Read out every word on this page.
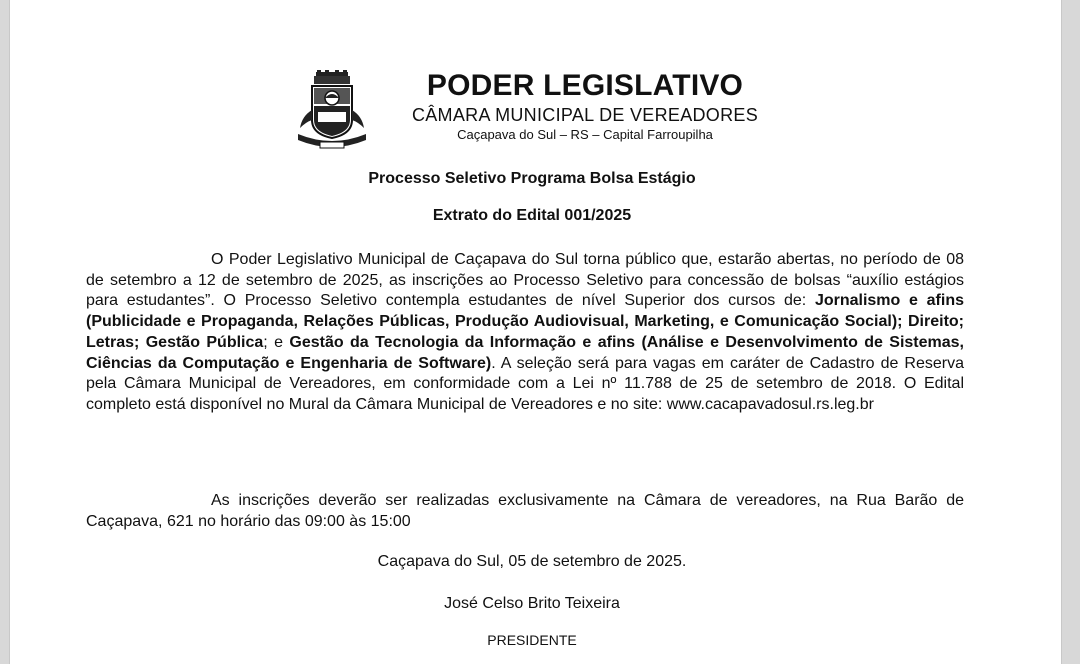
PODER LEGISLATIVO
CÂMARA MUNICIPAL DE VEREADORES
Caçapava do Sul – RS – Capital Farroupilha
Processo Seletivo Programa Bolsa Estágio
Extrato do Edital 001/2025

O Poder Legislativo Municipal de Caçapava do Sul torna público que, estarão abertas, no período de 08 de setembro a 12 de setembro de 2025, as inscrições ao Processo Seletivo para concessão de bolsas “auxílio estágios para estudantes”. O Processo Seletivo contempla estudantes de nível Superior dos cursos de: Jornalismo e afins (Publicidade e Propaganda, Relações Públicas, Produção Audiovisual, Marketing, e Comunicação Social); Direito; Letras; Gestão Pública; e Gestão da Tecnologia da Informação e afins (Análise e Desenvolvimento de Sistemas, Ciências da Computação e Engenharia de Software). A seleção será para vagas em caráter de Cadastro de Reserva pela Câmara Municipal de Vereadores, em conformidade com a Lei nº 11.788 de 25 de setembro de 2018. O Edital completo está disponível no Mural da Câmara Municipal de Vereadores e no site: www.cacapavadosul.rs.leg.br

As inscrições deverão ser realizadas exclusivamente na Câmara de vereadores, na Rua Barão de Caçapava, 621 no horário das 09:00 às 15:00

Caçapava do Sul, 05 de setembro de 2025.
José Celso Brito Teixeira
PRESIDENTE
